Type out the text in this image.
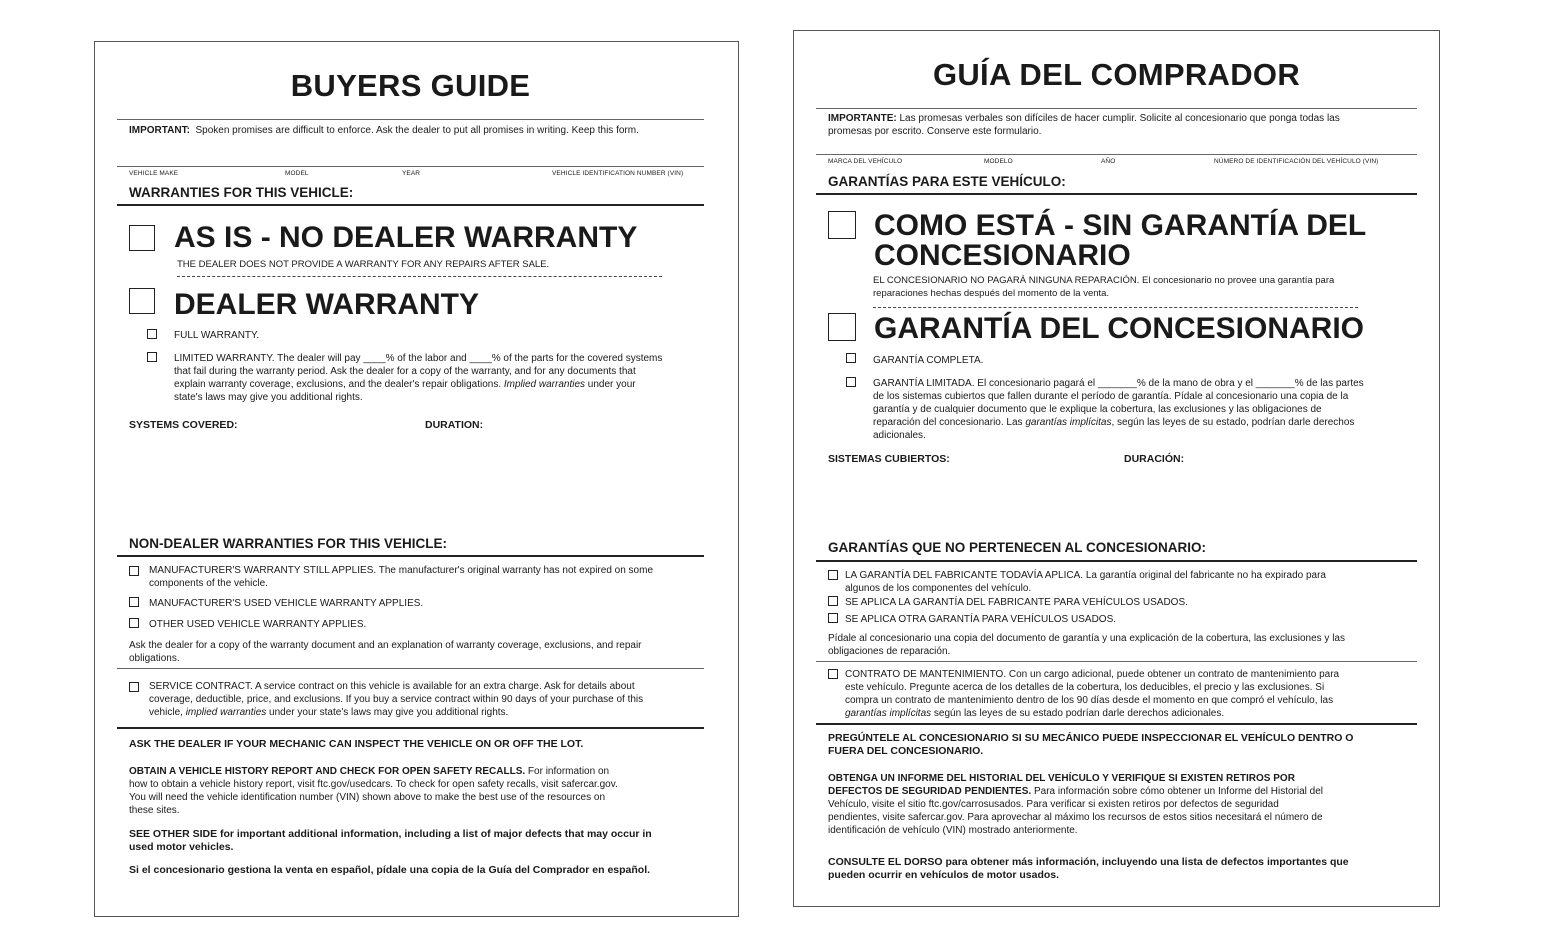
BUYERS GUIDE
IMPORTANT: Spoken promises are difficult to enforce. Ask the dealer to put all promises in writing. Keep this form.
VEHICLE MAKE	MODEL	YEAR	VEHICLE IDENTIFICATION NUMBER (VIN)
WARRANTIES FOR THIS VEHICLE:
AS IS - NO DEALER WARRANTY
THE DEALER DOES NOT PROVIDE A WARRANTY FOR ANY REPAIRS AFTER SALE.
DEALER WARRANTY
FULL WARRANTY.
LIMITED WARRANTY. The dealer will pay ____% of the labor and ____% of the parts for the covered systems
that fail during the warranty period. Ask the dealer for a copy of the warranty, and for any documents that
explain warranty coverage, exclusions, and the dealer's repair obligations. Implied warranties under your
state's laws may give you additional rights.
SYSTEMS COVERED:	DURATION:
NON-DEALER WARRANTIES FOR THIS VEHICLE:
MANUFACTURER'S WARRANTY STILL APPLIES. The manufacturer's original warranty has not expired on some
components of the vehicle.
MANUFACTURER'S USED VEHICLE WARRANTY APPLIES.
OTHER USED VEHICLE WARRANTY APPLIES.
Ask the dealer for a copy of the warranty document and an explanation of warranty coverage, exclusions, and repair
obligations.
SERVICE CONTRACT. A service contract on this vehicle is available for an extra charge. Ask for details about
coverage, deductible, price, and exclusions. If you buy a service contract within 90 days of your purchase of this
vehicle, implied warranties under your state's laws may give you additional rights.
ASK THE DEALER IF YOUR MECHANIC CAN INSPECT THE VEHICLE ON OR OFF THE LOT.
OBTAIN A VEHICLE HISTORY REPORT AND CHECK FOR OPEN SAFETY RECALLS. For information on
how to obtain a vehicle history report, visit ftc.gov/usedcars. To check for open safety recalls, visit safercar.gov.
You will need the vehicle identification number (VIN) shown above to make the best use of the resources on
these sites.
SEE OTHER SIDE for important additional information, including a list of major defects that may occur in
used motor vehicles.
Si el concesionario gestiona la venta en español, pídale una copia de la Guía del Comprador en español.
GUÍA DEL COMPRADOR
IMPORTANTE: Las promesas verbales son difíciles de hacer cumplir. Solicite al concesionario que ponga todas las
promesas por escrito. Conserve este formulario.
MARCA DEL VEHÍCULO	MODELO	AÑO	NÚMERO DE IDENTIFICACIÓN DEL VEHÍCULO (VIN)
GARANTÍAS PARA ESTE VEHÍCULO:
COMO ESTÁ - SIN GARANTÍA DEL
CONCESIONARIO
EL CONCESIONARIO NO PAGARÁ NINGUNA REPARACIÓN. El concesionario no provee una garantía para
reparaciones hechas después del momento de la venta.
GARANTÍA DEL CONCESIONARIO
GARANTÍA COMPLETA.
GARANTÍA LIMITADA. El concesionario pagará el _______% de la mano de obra y el _______% de las partes
de los sistemas cubiertos que fallen durante el período de garantía. Pídale al concesionario una copia de la
garantía y de cualquier documento que le explique la cobertura, las exclusiones y las obligaciones de
reparación del concesionario. Las garantías implícitas, según las leyes de su estado, podrían darle derechos
adicionales.
SISTEMAS CUBIERTOS:	DURACIÓN:
GARANTÍAS QUE NO PERTENECEN AL CONCESIONARIO:
LA GARANTÍA DEL FABRICANTE TODAVÍA APLICA. La garantía original del fabricante no ha expirado para
algunos de los componentes del vehículo.
SE APLICA LA GARANTÍA DEL FABRICANTE PARA VEHÍCULOS USADOS.
SE APLICA OTRA GARANTÍA PARA VEHÍCULOS USADOS.
Pídale al concesionario una copia del documento de garantía y una explicación de la cobertura, las exclusiones y las
obligaciones de reparación.
CONTRATO DE MANTENIMIENTO. Con un cargo adicional, puede obtener un contrato de mantenimiento para
este vehículo. Pregunte acerca de los detalles de la cobertura, los deducibles, el precio y las exclusiones. Si
compra un contrato de mantenimiento dentro de los 90 días desde el momento en que compró el vehículo, las
garantías implícitas según las leyes de su estado podrían darle derechos adicionales.
PREGÚNTELE AL CONCESIONARIO SI SU MECÁNICO PUEDE INSPECCIONAR EL VEHÍCULO DENTRO O
FUERA DEL CONCESIONARIO.
OBTENGA UN INFORME DEL HISTORIAL DEL VEHÍCULO Y VERIFIQUE SI EXISTEN RETIROS POR
DEFECTOS DE SEGURIDAD PENDIENTES. Para información sobre cómo obtener un Informe del Historial del
Vehículo, visite el sitio ftc.gov/carrosusados. Para verificar si existen retiros por defectos de seguridad
pendientes, visite safercar.gov. Para aprovechar al máximo los recursos de estos sitios necesitará el número de
identificación de vehículo (VIN) mostrado anteriormente.
CONSULTE EL DORSO para obtener más información, incluyendo una lista de defectos importantes que
pueden ocurrir en vehículos de motor usados.
